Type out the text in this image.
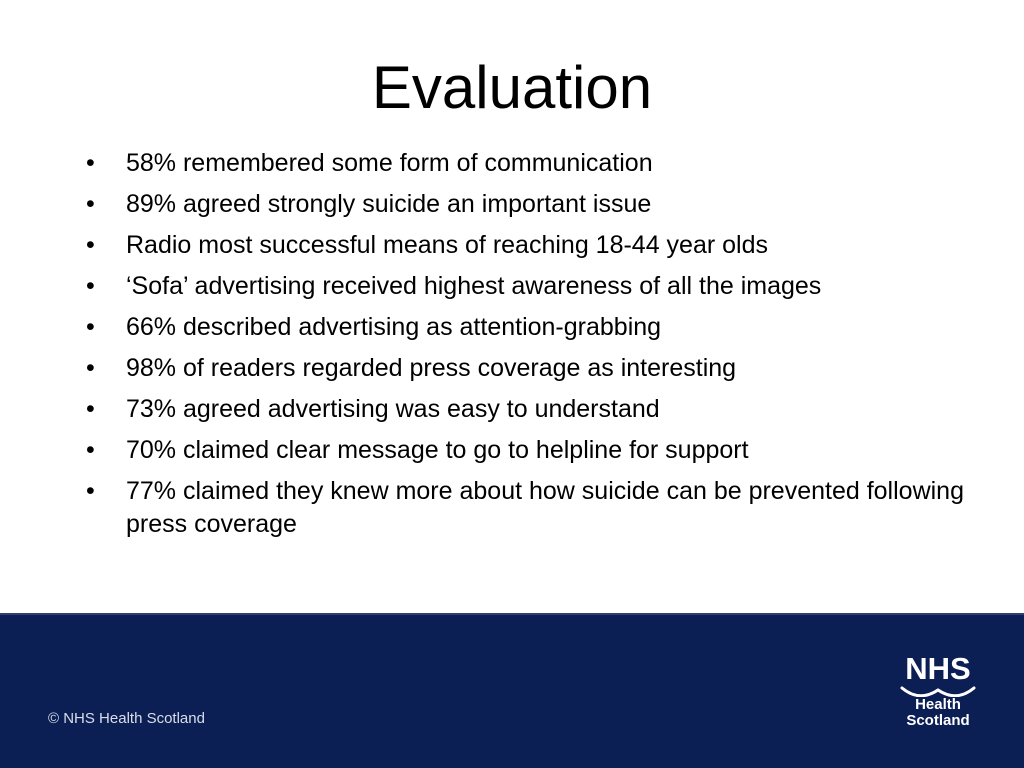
Evaluation
•	58% remembered some form of communication
•	89% agreed strongly suicide an important issue
•	Radio most successful means of reaching 18-44 year olds
•	‘Sofa’ advertising received highest awareness of all the images
•	66% described advertising as attention-grabbing
•	98% of readers regarded press coverage as interesting
•	73% agreed advertising was easy to understand
•	70% claimed clear message to go to helpline for support
•	77% claimed they knew more about how suicide can be prevented following press coverage
© NHS Health Scotland
NHS
Health
Scotland
